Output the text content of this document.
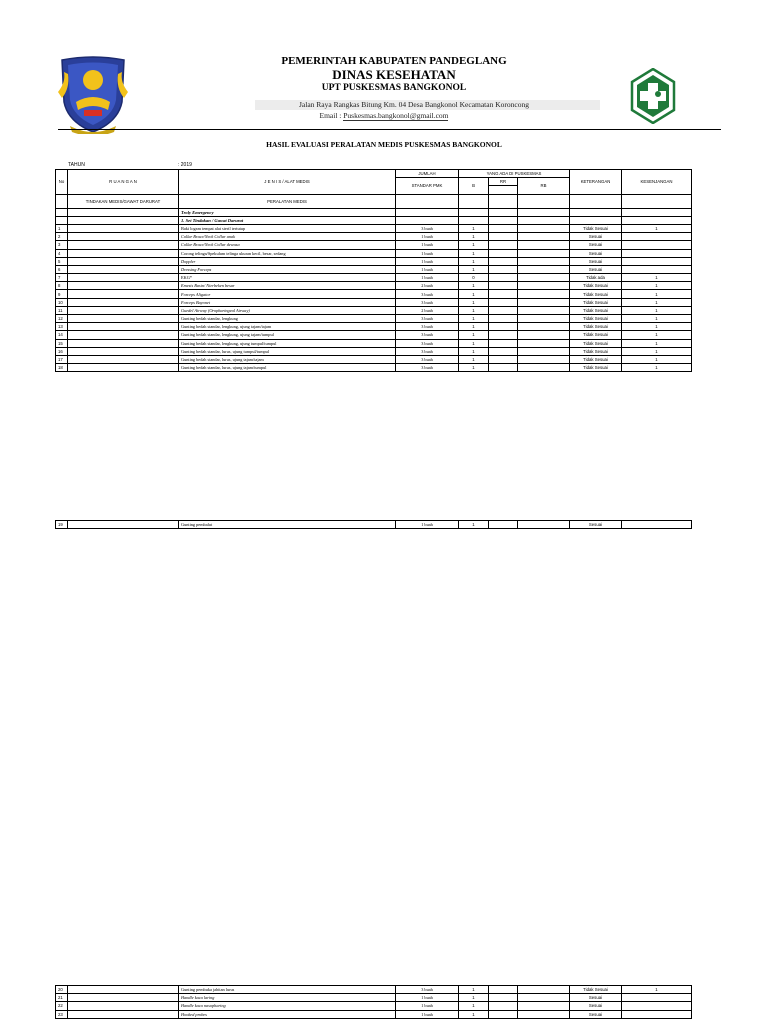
PEMERINTAH KABUPATEN PANDEGLANG
DINAS KESEHATAN
UPT PUSKESMAS BANGKONOL
Jalan Raya Rangkas Bitung Km. 04 Desa Bangkonol Kecamatan Koroncong
Email : Puskesmas.bangkonol@gmail.com
HASIL EVALUASI PERALATAN MEDIS PUSKESMAS BANGKONOL
TAHUN	: 2019
No	R U A N G A N	J E N I S / ALAT MEDIS	JUMLAH	YANG ADA DI PUSKESMAS			KETERANGAN	KESENJANGAN
			STANDAR PMK	B	RR	RB		

	TINDAKAN MEDIS/GAWAT DARURAT	PERALATAN MEDIS						
		Troly Emergency						
		1. Set Tindakan / Gawat Darurat						
1		Baki logam tempat alat steril tertutup	3 buah	1			Tidak Sesuai	1
2		Collar Brace/Neck Collar anak	1 buah	1			Sesuai	
3		Collar Brace/Neck Collar dewasa	1 buah	1			Sesuai	
4		Corong telinga/Spekulum telinga ukuran kecil, besar, sedang	1 buah	1			Sesuai	
5		Doppler	1 buah	1			Sesuai	
6		Dressing Forceps	1 buah	1			Sesuai	
7		EKG*	1 buah	0			Tidak ada	1
8		Emesis Basin/ Nierbeken besar	2 buah	1			Tidak Sesuai	1
9		Forceps Aligator	3 buah	1			Tidak Sesuai	1
10		Forceps Bayonet	3 buah	1			Tidak Sesuai	1
11		Guedel Airway (Oropharingeal Airway)	2 buah	1			Tidak Sesuai	1
12		Gunting bedah standar, lengkung	3 buah	1			Tidak Sesuai	1
13		Gunting bedah standar, lengkung, ujung tajam/tajam	3 buah	1			Tidak Sesuai	1
14		Gunting bedah standar, lengkung, ujung tajam/tumpul	3 buah	1			Tidak Sesuai	1
15		Gunting bedah standar, lengkung, ujung tumpul/tumpul	3 buah	1			Tidak Sesuai	1
16		Gunting bedah standar, lurus, ujung tumpul/tumpul	3 buah	1			Tidak Sesuai	1
17		Gunting bedah standar, lurus, ujung tajam/tajam	3 buah	1			Tidak Sesuai	1
18		Gunting bedah standar, lurus, ujung tajam/tumpul	3 buah	1			Tidak Sesuai	1
19		Gunting pembalut	1 buah	1			Sesuai	
20		Gunting pembuka jahitan lurus	3 buah	1			Tidak Sesuai	1
21		Handle kaca laring	1 buah	1			Sesuai	
22		Handle kaca nasopharing	1 buah	1			Sesuai	
23		Hooked probes	1 buah	1			Sesuai	
